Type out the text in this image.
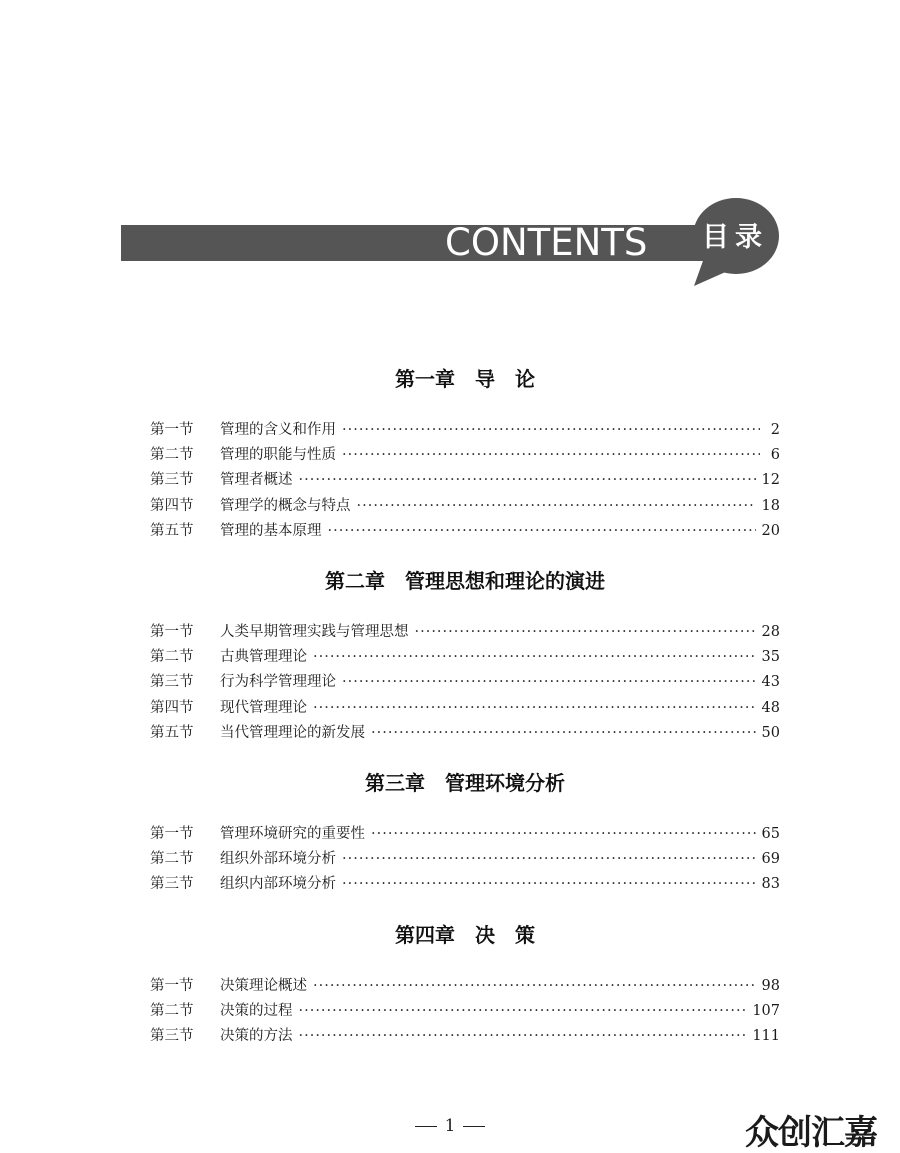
CONTENTS	目录
第一章　导　论
第一节	管理的含义和作用 ·····	2
第二节	管理的职能与性质 ·····	6
第三节	管理者概述 ·····	12
第四节	管理学的概念与特点 ·····	18
第五节	管理的基本原理 ·····	20
第二章　管理思想和理论的演进
第一节	人类早期管理实践与管理思想 ·····	28
第二节	古典管理理论 ·····	35
第三节	行为科学管理理论 ·····	43
第四节	现代管理理论 ·····	48
第五节	当代管理理论的新发展 ·····	50
第三章　管理环境分析
第一节	管理环境研究的重要性 ·····	65
第二节	组织外部环境分析 ·····	69
第三节	组织内部环境分析 ·····	83
第四章　决　策
第一节	决策理论概述 ·····	98
第二节	决策的过程 ·····	107
第三节	决策的方法 ·····	111
1	众创汇嘉
